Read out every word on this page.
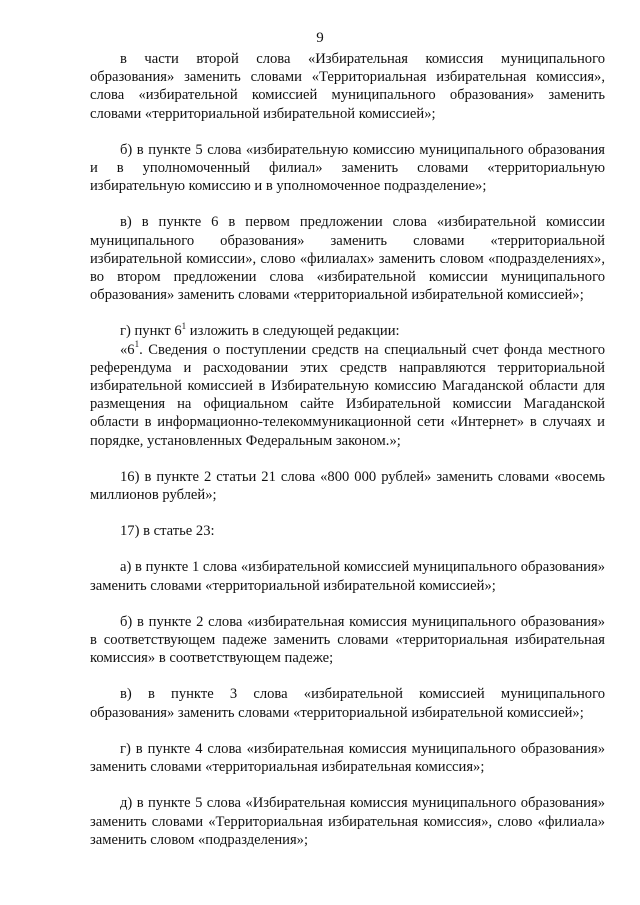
9

в части второй слова «Избирательная комиссия муниципального образования» заменить словами «Территориальная избирательная комиссия», слова «избирательной комиссией муниципального образования» заменить словами «территориальной избирательной комиссией»;

б) в пункте 5 слова «избирательную комиссию муниципального образования и в уполномоченный филиал» заменить словами «территориальную избирательную комиссию и в уполномоченное подразделение»;

в) в пункте 6 в первом предложении слова «избирательной комиссии муниципального образования» заменить словами «территориальной избирательной комиссии», слово «филиалах» заменить словом «подразделениях», во втором предложении слова «избирательной комиссии муниципального образования» заменить словами «территориальной избирательной комиссией»;

г) пункт $6^1$ изложить в следующей редакции:

«$6^1$. Сведения о поступлении средств на специальный счет фонда местного референдума и расходовании этих средств направляются территориальной избирательной комиссией в Избирательную комиссию Магаданской области для размещения на официальном сайте Избирательной комиссии Магаданской области в информационно-телекоммуникационной сети «Интернет» в случаях и порядке, установленных Федеральным законом.»;

16) в пункте 2 статьи 21 слова «800 000 рублей» заменить словами «восемь миллионов рублей»;

17) в статье 23:

а) в пункте 1 слова «избирательной комиссией муниципального образования» заменить словами «территориальной избирательной комиссией»;

б) в пункте 2 слова «избирательная комиссия муниципального образования» в соответствующем падеже заменить словами «территориальная избирательная комиссия» в соответствующем падеже;

в) в пункте 3 слова «избирательной комиссией муниципального образования» заменить словами «территориальной избирательной комиссией»;

г) в пункте 4 слова «избирательная комиссия муниципального образования» заменить словами «территориальная избирательная комиссия»;

д) в пункте 5 слова «Избирательная комиссия муниципального образования» заменить словами «Территориальная избирательная комиссия», слово «филиала» заменить словом «подразделения»;
